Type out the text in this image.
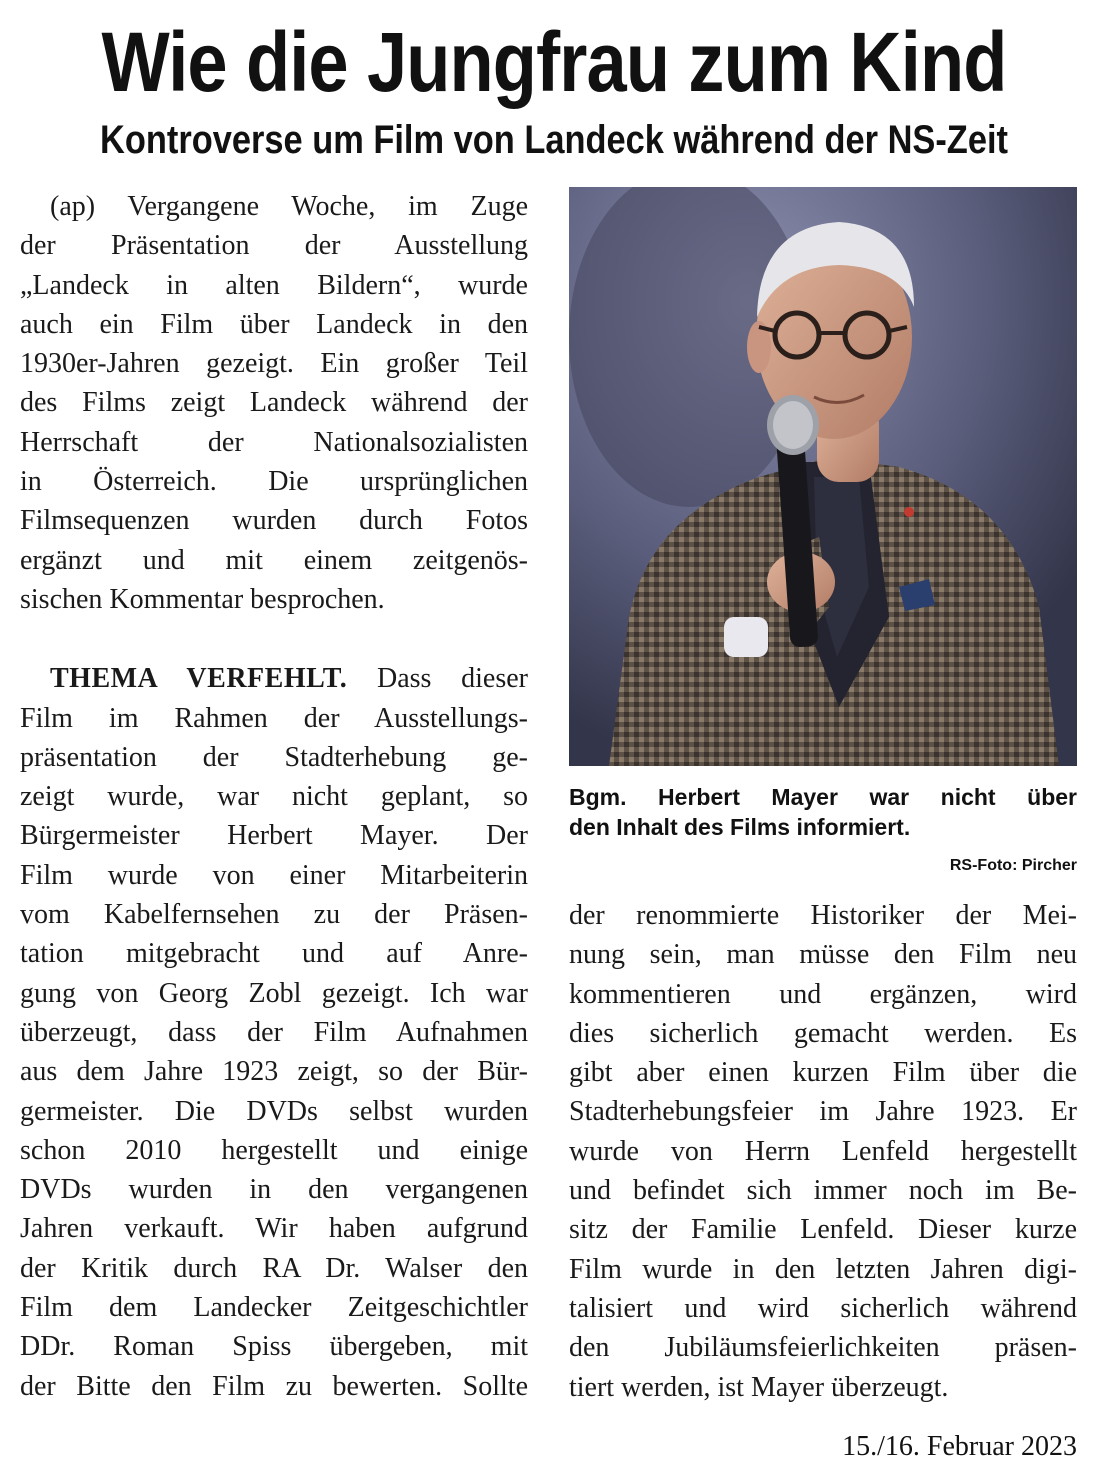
Wie die Jungfrau zum Kind
Kontroverse um Film von Landeck während der NS-Zeit
(ap) Vergangene Woche, im Zuge
der Präsentation der Ausstellung
„Landeck in alten Bildern“, wurde
auch ein Film über Landeck in den
1930er-Jahren gezeigt. Ein großer Teil
des Films zeigt Landeck während der
Herrschaft der Nationalsozialisten
in Österreich. Die ursprünglichen
Filmsequenzen wurden durch Fotos
ergänzt und mit einem zeitgenös-
sischen Kommentar besprochen.
THEMA VERFEHLT. Dass dieser
Film im Rahmen der Ausstellungs-
präsentation der Stadterhebung ge-
zeigt wurde, war nicht geplant, so
Bürgermeister Herbert Mayer. Der
Film wurde von einer Mitarbeiterin
vom Kabelfernsehen zu der Präsen-
tation mitgebracht und auf Anre-
gung von Georg Zobl gezeigt. Ich war
überzeugt, dass der Film Aufnahmen
aus dem Jahre 1923 zeigt, so der Bür-
germeister. Die DVDs selbst wurden
schon 2010 hergestellt und einige
DVDs wurden in den vergangenen
Jahren verkauft. Wir haben aufgrund
der Kritik durch RA Dr. Walser den
Film dem Landecker Zeitgeschichtler
DDr. Roman Spiss übergeben, mit
der Bitte den Film zu bewerten. Sollte
Bgm. Herbert Mayer war nicht über
den Inhalt des Films informiert.
RS-Foto: Pircher
der renommierte Historiker der Mei-
nung sein, man müsse den Film neu
kommentieren und ergänzen, wird
dies sicherlich gemacht werden. Es
gibt aber einen kurzen Film über die
Stadterhebungsfeier im Jahre 1923. Er
wurde von Herrn Lenfeld hergestellt
und befindet sich immer noch im Be-
sitz der Familie Lenfeld. Dieser kurze
Film wurde in den letzten Jahren digi-
talisiert und wird sicherlich während
den Jubiläumsfeierlichkeiten präsen-
tiert werden, ist Mayer überzeugt.
15./16. Februar 2023
